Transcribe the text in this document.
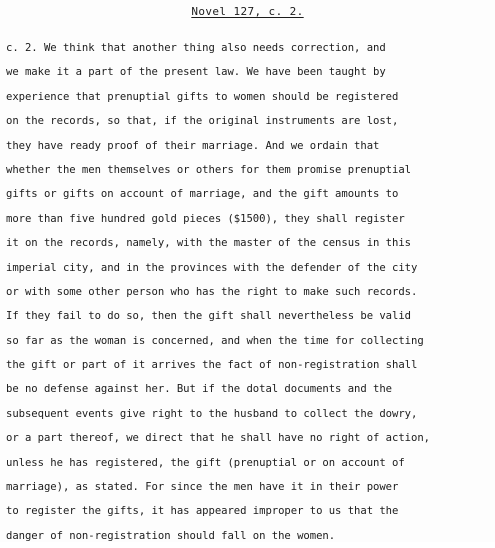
Novel 127, c. 2.
c. 2. We think that another thing also needs correction, and
we make it a part of the present law. We have been taught by
experience that prenuptial gifts to women should be registered
on the records, so that, if the original instruments are lost,
they have ready proof of their marriage. And we ordain that
whether the men themselves or others for them promise prenuptial
gifts or gifts on account of marriage, and the gift amounts to
more than five hundred gold pieces ($1500), they shall register
it on the records, namely, with the master of the census in this
imperial city, and in the provinces with the defender of the city
or with some other person who has the right to make such records.
If they fail to do so, then the gift shall nevertheless be valid
so far as the woman is concerned, and when the time for collecting
the gift or part of it arrives the fact of non-registration shall
be no defense against her. But if the dotal documents and the
subsequent events give right to the husband to collect the dowry,
or a part thereof, we direct that he shall have no right of action,
unless he has registered, the gift (prenuptial or on account of
marriage), as stated. For since the men have it in their power
to register the gifts, it has appeared improper to us that the
danger of non-registration should fall on the women.
